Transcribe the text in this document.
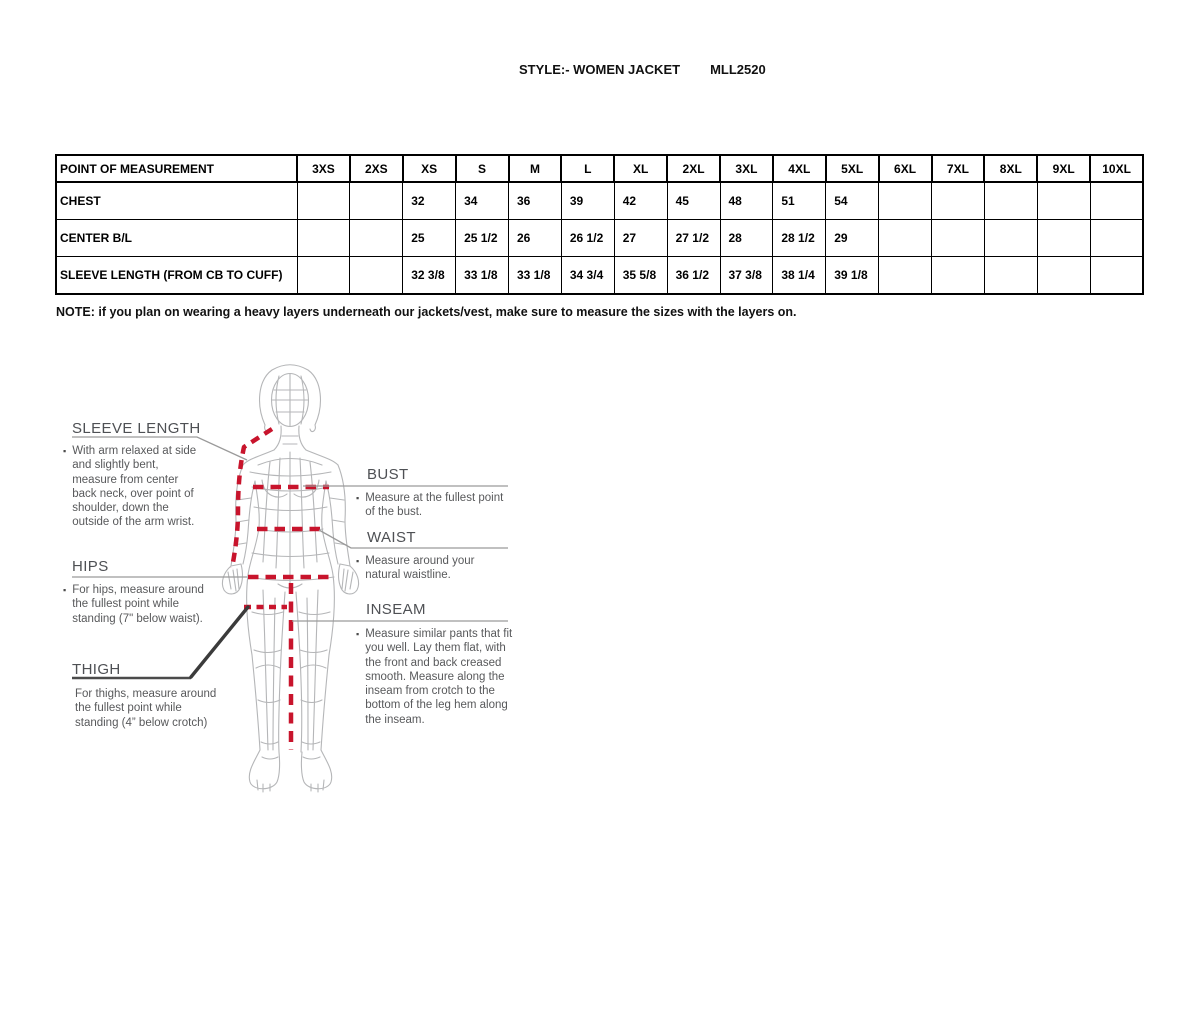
STYLE:- WOMEN JACKET MLL2520
POINT OF MEASUREMENT	3XS	2XS	XS	S	M	L	XL	2XL	3XL	4XL	5XL	6XL	7XL	8XL	9XL	10XL
CHEST			32	34	36	39	42	45	48	51	54					
CENTER B/L			25	25 1/2	26	26 1/2	27	27 1/2	28	28 1/2	29					
SLEEVE LENGTH (FROM CB TO CUFF)			32 3/8	33 1/8	33 1/8	34 3/4	35 5/8	36 1/2	37 3/8	38 1/4	39 1/8					
NOTE: if you plan on wearing a heavy layers underneath our jackets/vest, make sure to measure the sizes with the layers on.
SLEEVE LENGTH
▪ With arm relaxed at side and slightly bent, measure from center back neck, over point of shoulder, down the outside of the arm wrist.
HIPS
▪ For hips, measure around the fullest point while standing (7" below waist).
THIGH
For thighs, measure around the fullest point while standing (4” below crotch)
BUST
▪ Measure at the fullest point of the bust.
WAIST
▪ Measure around your natural waistline.
INSEAM
▪ Measure similar pants that fit you well. Lay them flat, with the front and back creased smooth. Measure along the inseam from crotch to the bottom of the leg hem along the inseam.
